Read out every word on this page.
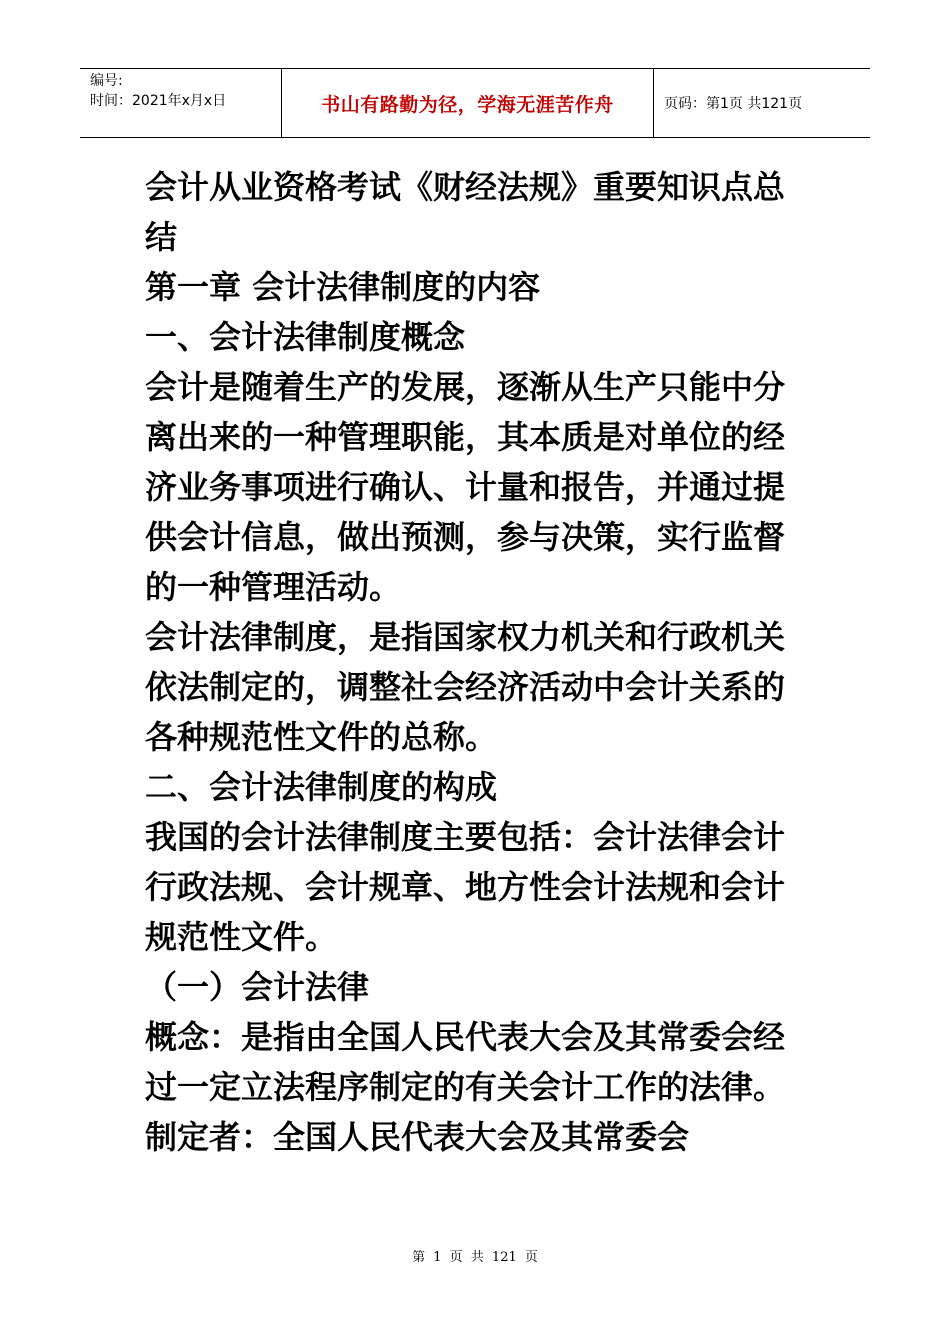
编号:
时间：2021年x月x日	书山有路勤为径，学海无涯苦作舟	页码：第1页 共121页

会计从业资格考试《财经法规》重要知识点总结

第一章 会计法律制度的内容

一、会计法律制度概念

会计是随着生产的发展，逐渐从生产只能中分离出来的一种管理职能，其本质是对单位的经济业务事项进行确认、计量和报告，并通过提供会计信息，做出预测，参与决策，实行监督的一种管理活动。

会计法律制度，是指国家权力机关和行政机关依法制定的，调整社会经济活动中会计关系的各种规范性文件的总称。

二、会计法律制度的构成

我国的会计法律制度主要包括：会计法律会计行政法规、会计规章、地方性会计法规和会计规范性文件。

（一）会计法律

概念：是指由全国人民代表大会及其常委会经过一定立法程序制定的有关会计工作的法律。制定者：全国人民代表大会及其常委会

第 1 页 共 121 页
